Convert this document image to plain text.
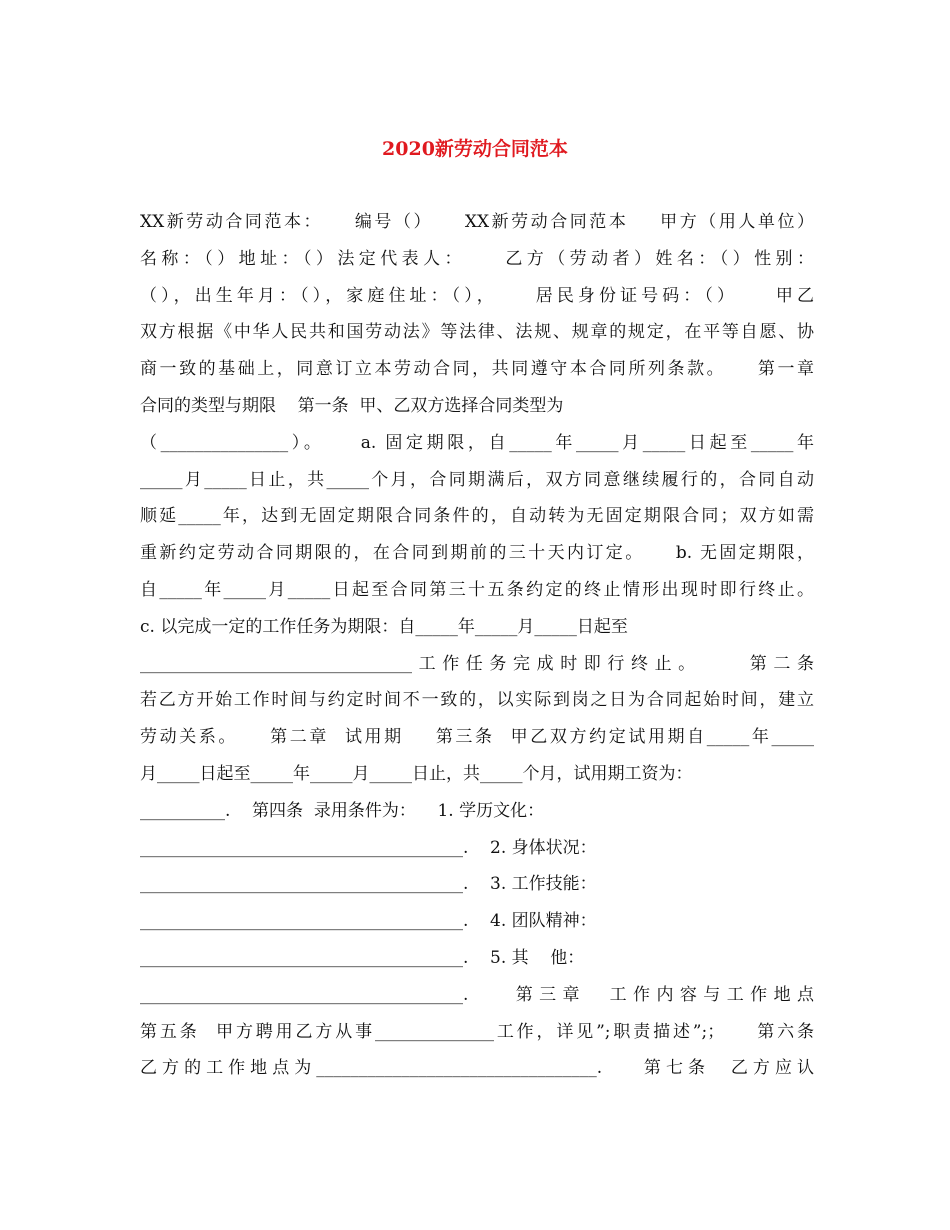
2020新劳动合同范本
XX新劳动合同范本：    编号（）    XX新劳动合同范本    甲方（用人单位）
名称：（）地址：（）法定代表人：    乙方（劳动者）姓名：（）性别：
（），出生年月：（），家庭住址：（），    居民身份证号码：（）    甲乙
双方根据《中华人民共和国劳动法》等法律、法规、规章的规定，在平等自愿、协
商一致的基础上，同意订立本劳动合同，共同遵守本合同所列条款。    第一章
合同的类型与期限    第一条  甲、乙双方选择合同类型为
（_______________）。    a. 固定期限，自_____年_____月_____日起至_____年
_____月_____日止，共_____个月，合同期满后，双方同意继续履行的，合同自动
顺延_____年，达到无固定期限合同条件的，自动转为无固定期限合同；双方如需
重新约定劳动合同期限的，在合同到期前的三十天内订定。    b. 无固定期限，
自_____年_____月_____日起至合同第三十五条约定的终止情形出现时即行终止。
c. 以完成一定的工作任务为期限：自_____年_____月_____日起至
________________________________工作任务完成时即行终止。    第二条
若乙方开始工作时间与约定时间不一致的，以实际到岗之日为合同起始时间，建立
劳动关系。    第二章  试用期    第三条  甲乙双方约定试用期自_____年_____
月_____日起至_____年_____月_____日止，共_____个月，试用期工资为：
__________.    第四条  录用条件为：    1. 学历文化：
______________________________________.    2. 身体状况：
______________________________________.    3. 工作技能：
______________________________________.    4. 团队精神：
______________________________________.    5. 其    他：
______________________________________.    第三章  工作内容与工作地点
第五条  甲方聘用乙方从事______________工作，详见”;职责描述”;；    第六条
乙方的工作地点为_________________________________.    第七条  乙方应认
